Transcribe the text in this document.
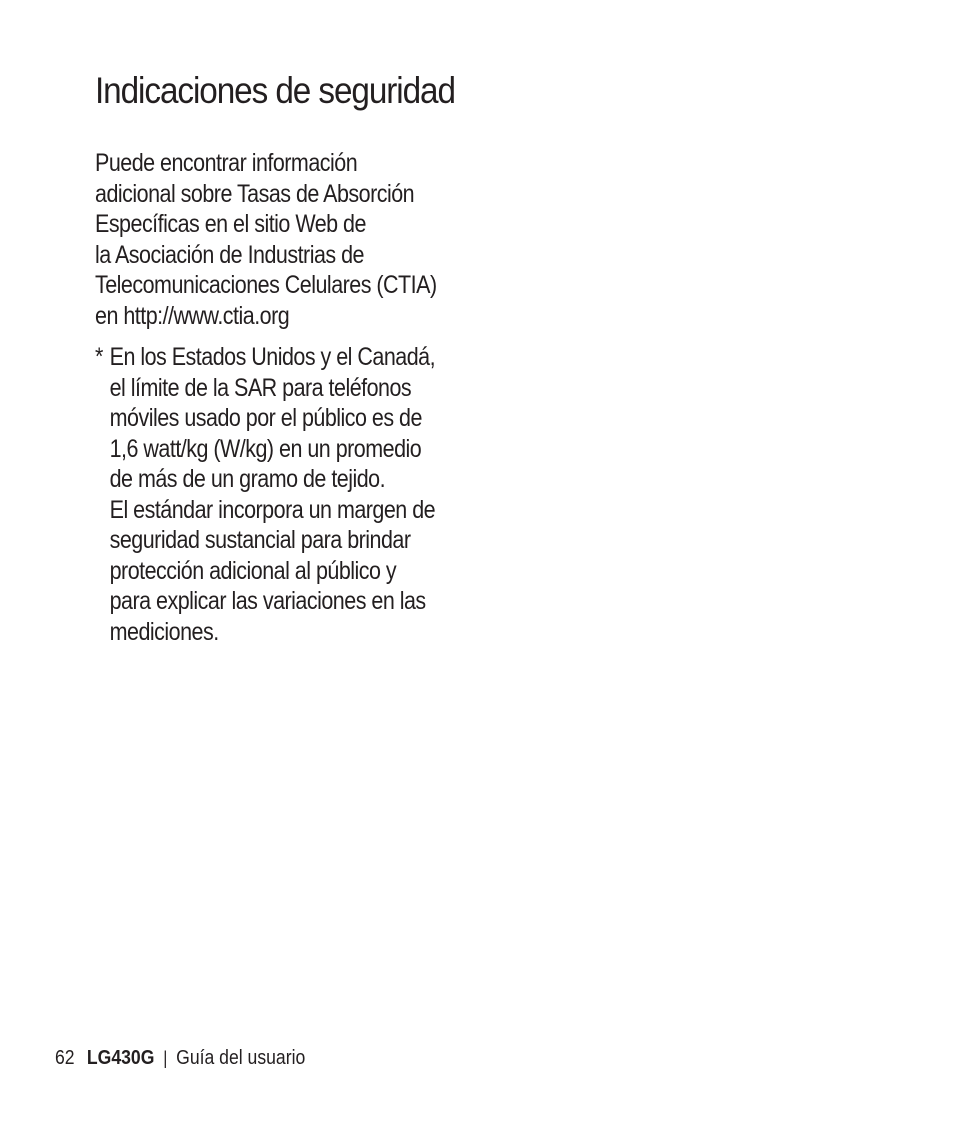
Indicaciones de seguridad
Puede encontrar información
adicional sobre Tasas de Absorción
Específicas en el sitio Web de
la Asociación de Industrias de
Telecomunicaciones Celulares (CTIA)
en http://www.ctia.org
* En los Estados Unidos y el Canadá,
el límite de la SAR para teléfonos
móviles usado por el público es de
1,6 watt/kg (W/kg) en un promedio
de más de un gramo de tejido.
El estándar incorpora un margen de
seguridad sustancial para brindar
protección adicional al público y
para explicar las variaciones en las
mediciones.
62 LG430G | Guía del usuario
